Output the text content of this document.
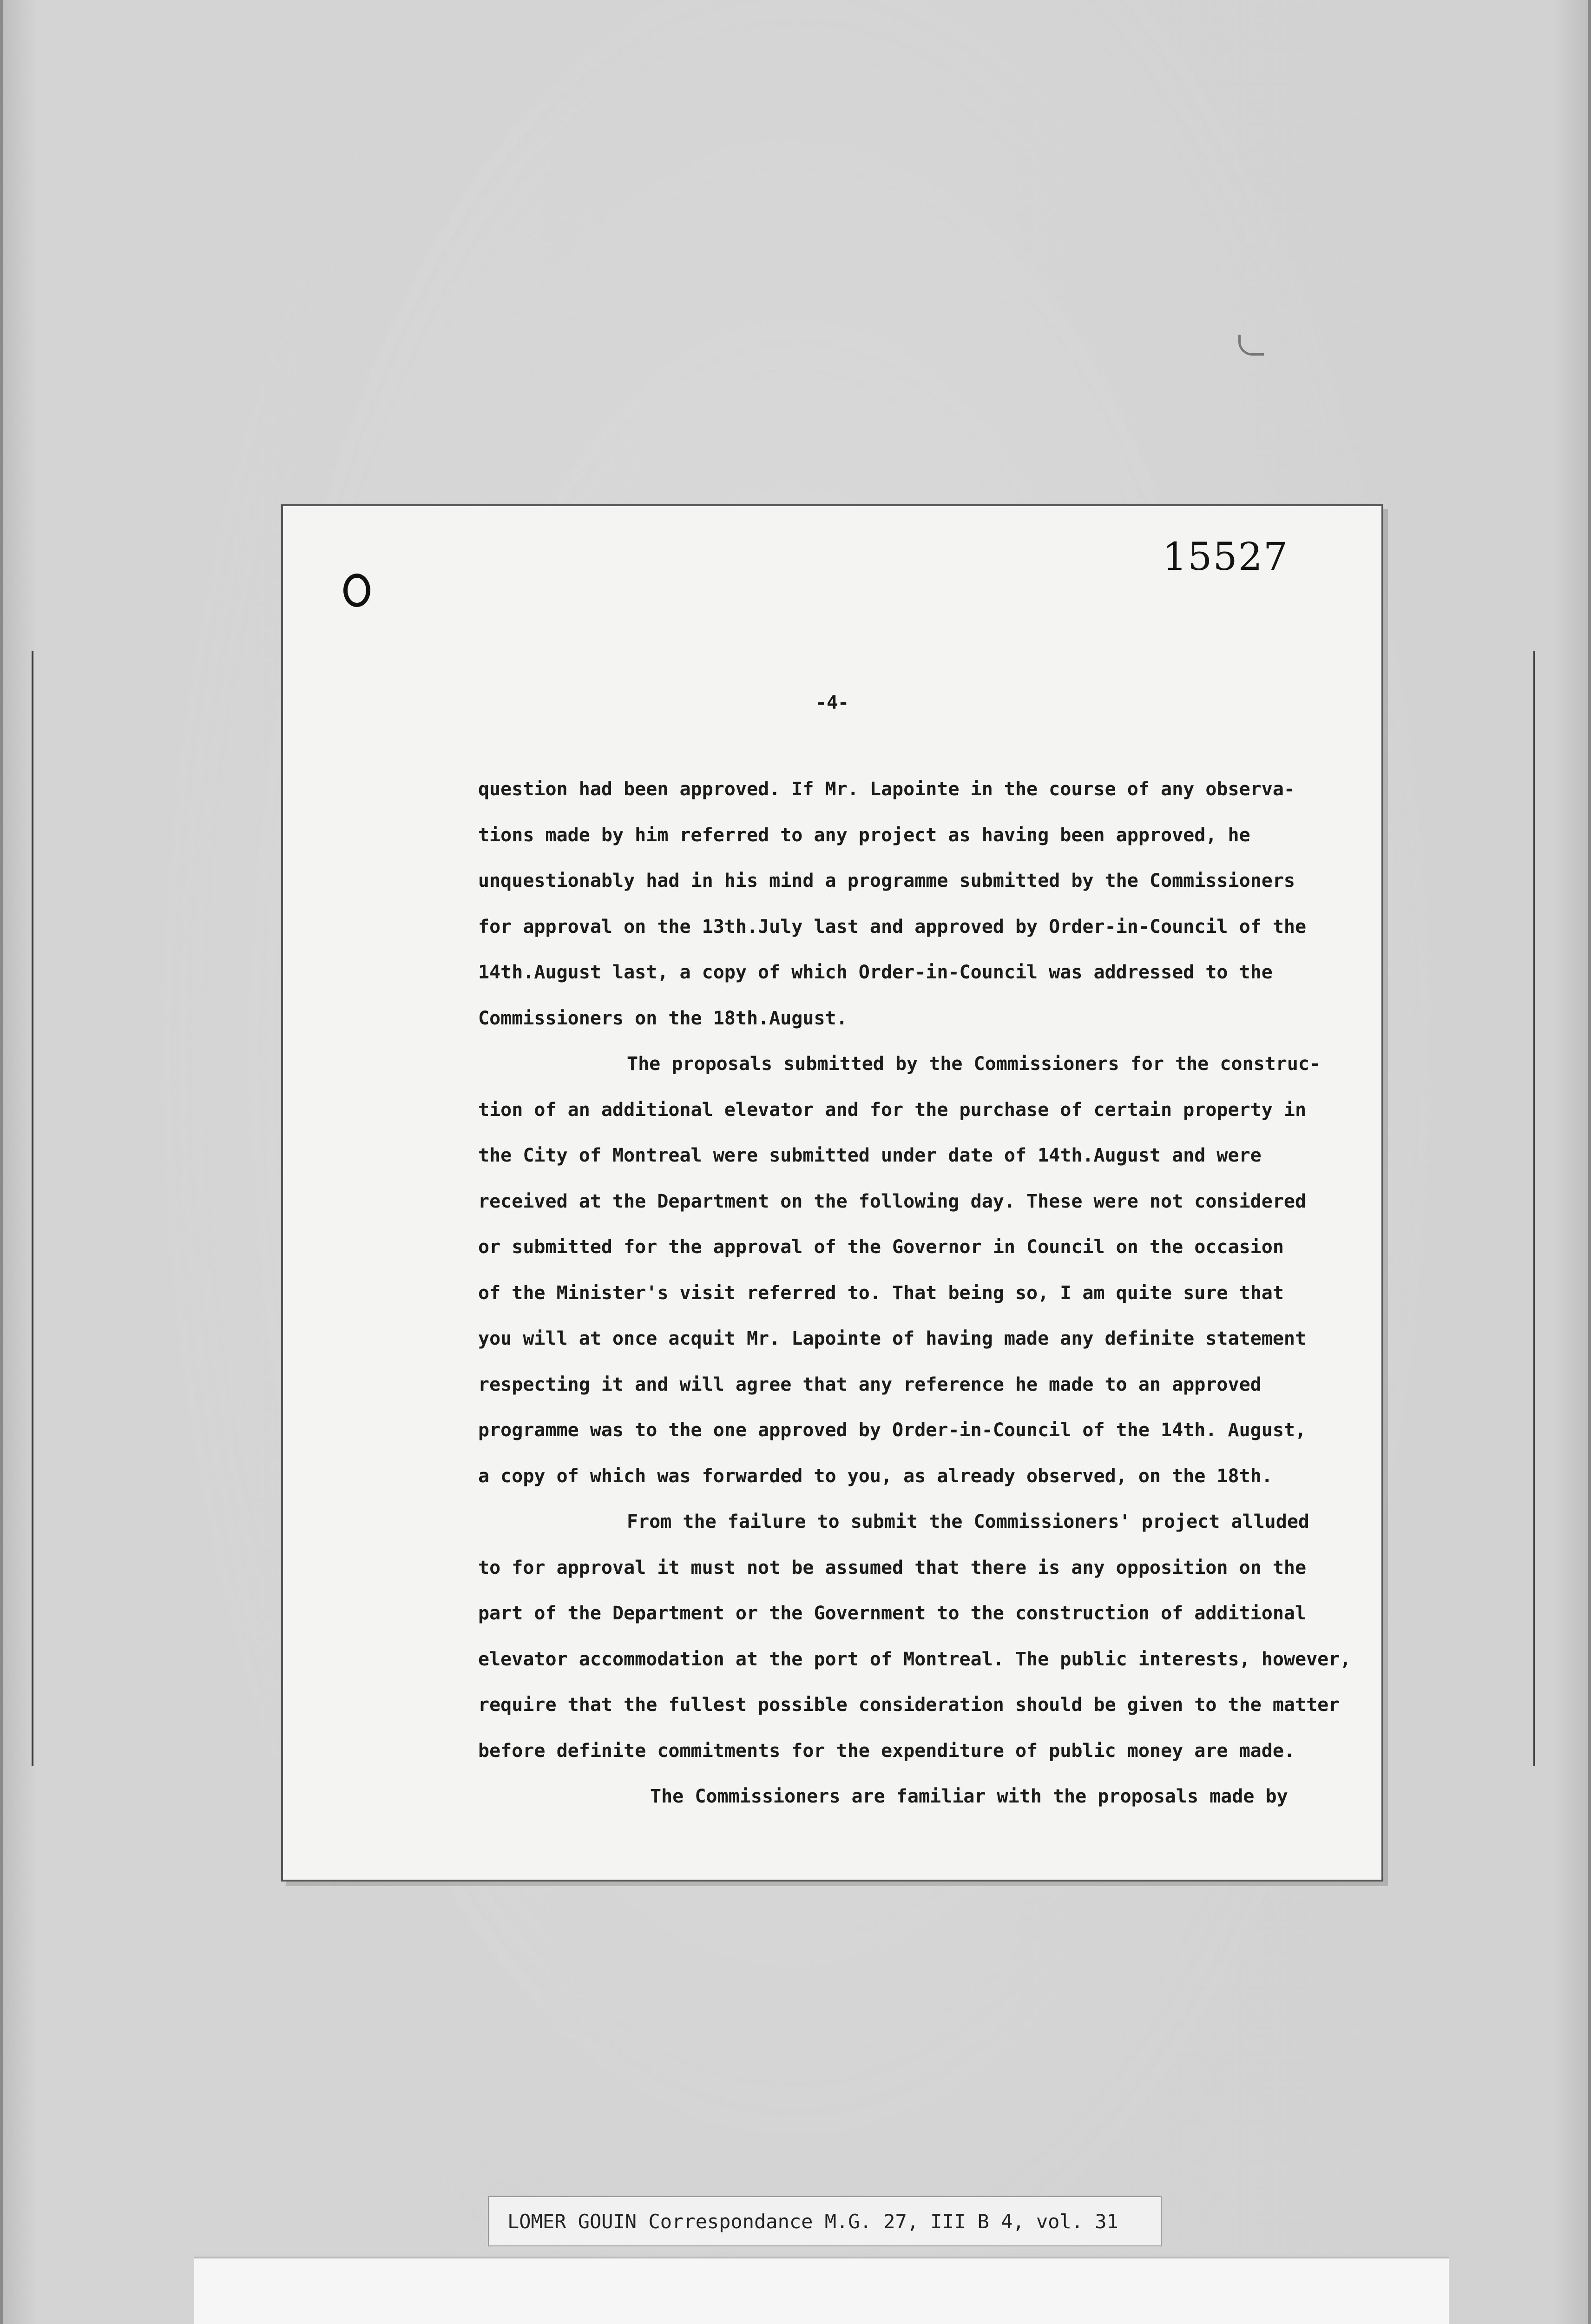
15527
-4-
question had been approved. If Mr. Lapointe in the course of any observa-
tions made by him referred to any project as having been approved, he
unquestionably had in his mind a programme submitted by the Commissioners
for approval on the 13th.July last and approved by Order-in-Council of the
14th.August last, a copy of which Order-in-Council was addressed to the
Commissioners on the 18th.August.
The proposals submitted by the Commissioners for the construc-
tion of an additional elevator and for the purchase of certain property in
the City of Montreal were submitted under date of 14th.August and were
received at the Department on the following day. These were not considered
or submitted for the approval of the Governor in Council on the occasion
of the Minister's visit referred to. That being so, I am quite sure that
you will at once acquit Mr. Lapointe of having made any definite statement
respecting it and will agree that any reference he made to an approved
programme was to the one approved by Order-in-Council of the 14th. August,
a copy of which was forwarded to you, as already observed, on the 18th.
From the failure to submit the Commissioners' project alluded
to for approval it must not be assumed that there is any opposition on the
part of the Department or the Government to the construction of additional
elevator accommodation at the port of Montreal. The public interests, however,
require that the fullest possible consideration should be given to the matter
before definite commitments for the expenditure of public money are made.
The Commissioners are familiar with the proposals made by
LOMER GOUIN Correspondance M.G. 27, III B 4, vol. 31
